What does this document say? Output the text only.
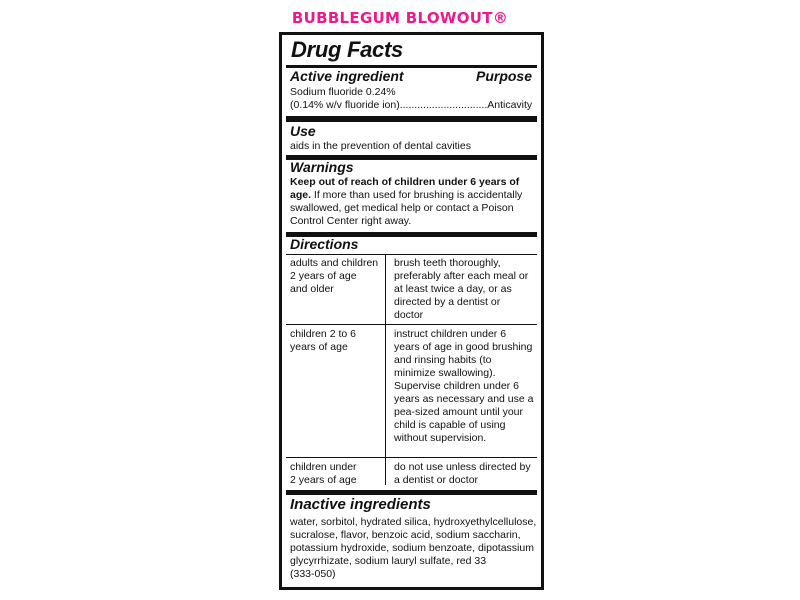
BUBBLEGUM BLOWOUT®
Drug Facts
Active ingredient	Purpose
Sodium fluoride 0.24%
(0.14% w/v fluoride ion)..............................Anticavity
Use
aids in the prevention of dental cavities
Warnings
Keep out of reach of children under 6 years of
age. If more than used for brushing is accidentally
swallowed, get medical help or contact a Poison
Control Center right away.
Directions
adults and children
2 years of age
and older
brush teeth thoroughly,
preferably after each meal or
at least twice a day, or as
directed by a dentist or
doctor
children 2 to 6
years of age
instruct children under 6
years of age in good brushing
and rinsing habits (to
minimize swallowing).
Supervise children under 6
years as necessary and use a
pea-sized amount until your
child is capable of using
without supervision.
children under
2 years of age
do not use unless directed by
a dentist or doctor
Inactive ingredients
water, sorbitol, hydrated silica, hydroxyethylcellulose,
sucralose, flavor, benzoic acid, sodium saccharin,
potassium hydroxide, sodium benzoate, dipotassium
glycyrrhizate, sodium lauryl sulfate, red 33
(333-050)
